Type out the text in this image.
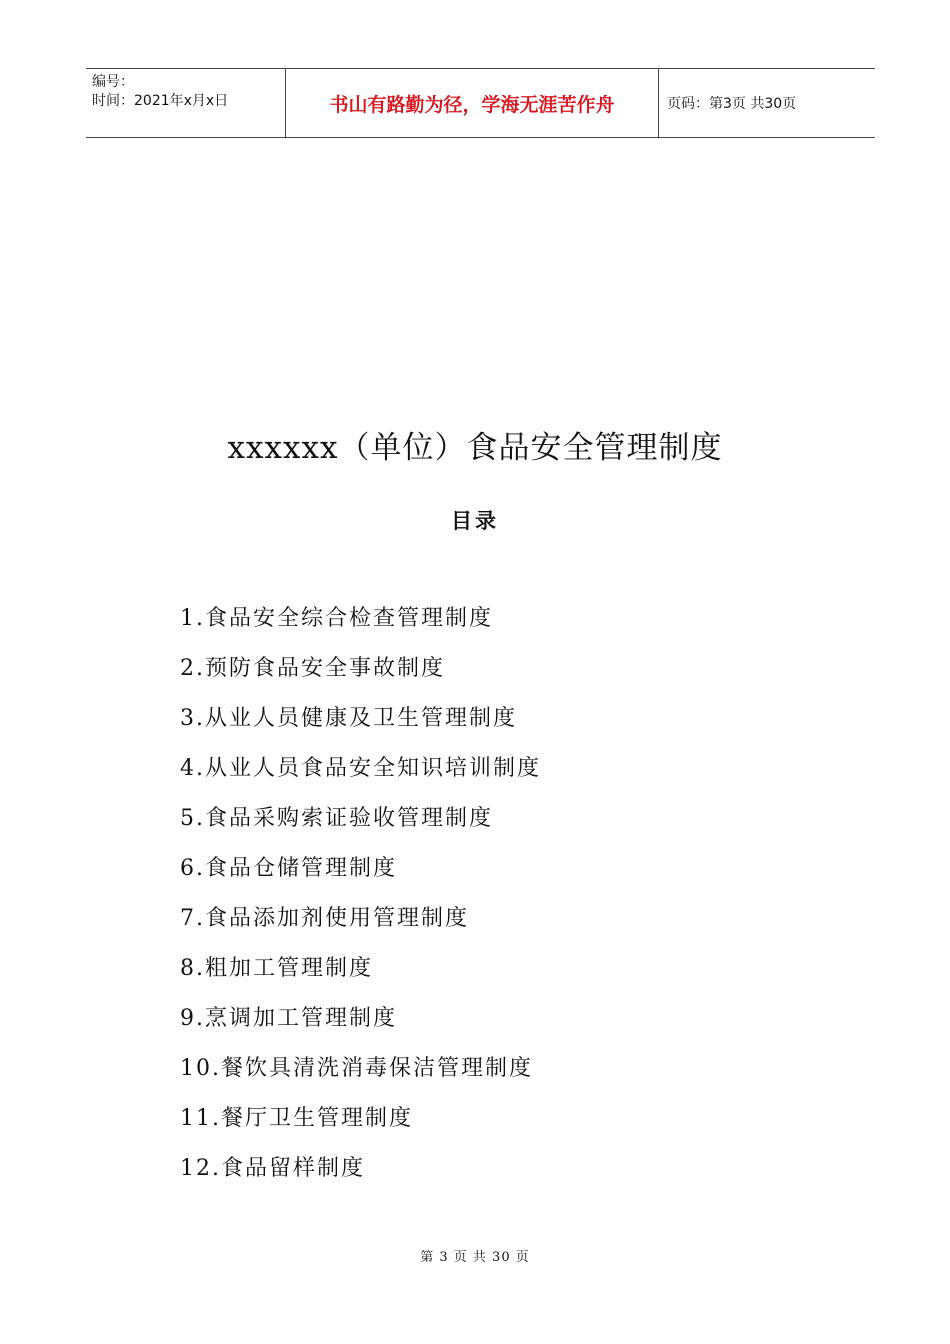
编号：
时间：2021年x月x日	书山有路勤为径，学海无涯苦作舟	页码：第3页 共30页
xxxxxx（单位）食品安全管理制度
目录
1.食品安全综合检查管理制度
2.预防食品安全事故制度
3.从业人员健康及卫生管理制度
4.从业人员食品安全知识培训制度
5.食品采购索证验收管理制度
6.食品仓储管理制度
7.食品添加剂使用管理制度
8.粗加工管理制度
9.烹调加工管理制度
10.餐饮具清洗消毒保洁管理制度
11.餐厅卫生管理制度
12.食品留样制度
第 3 页 共 30 页
